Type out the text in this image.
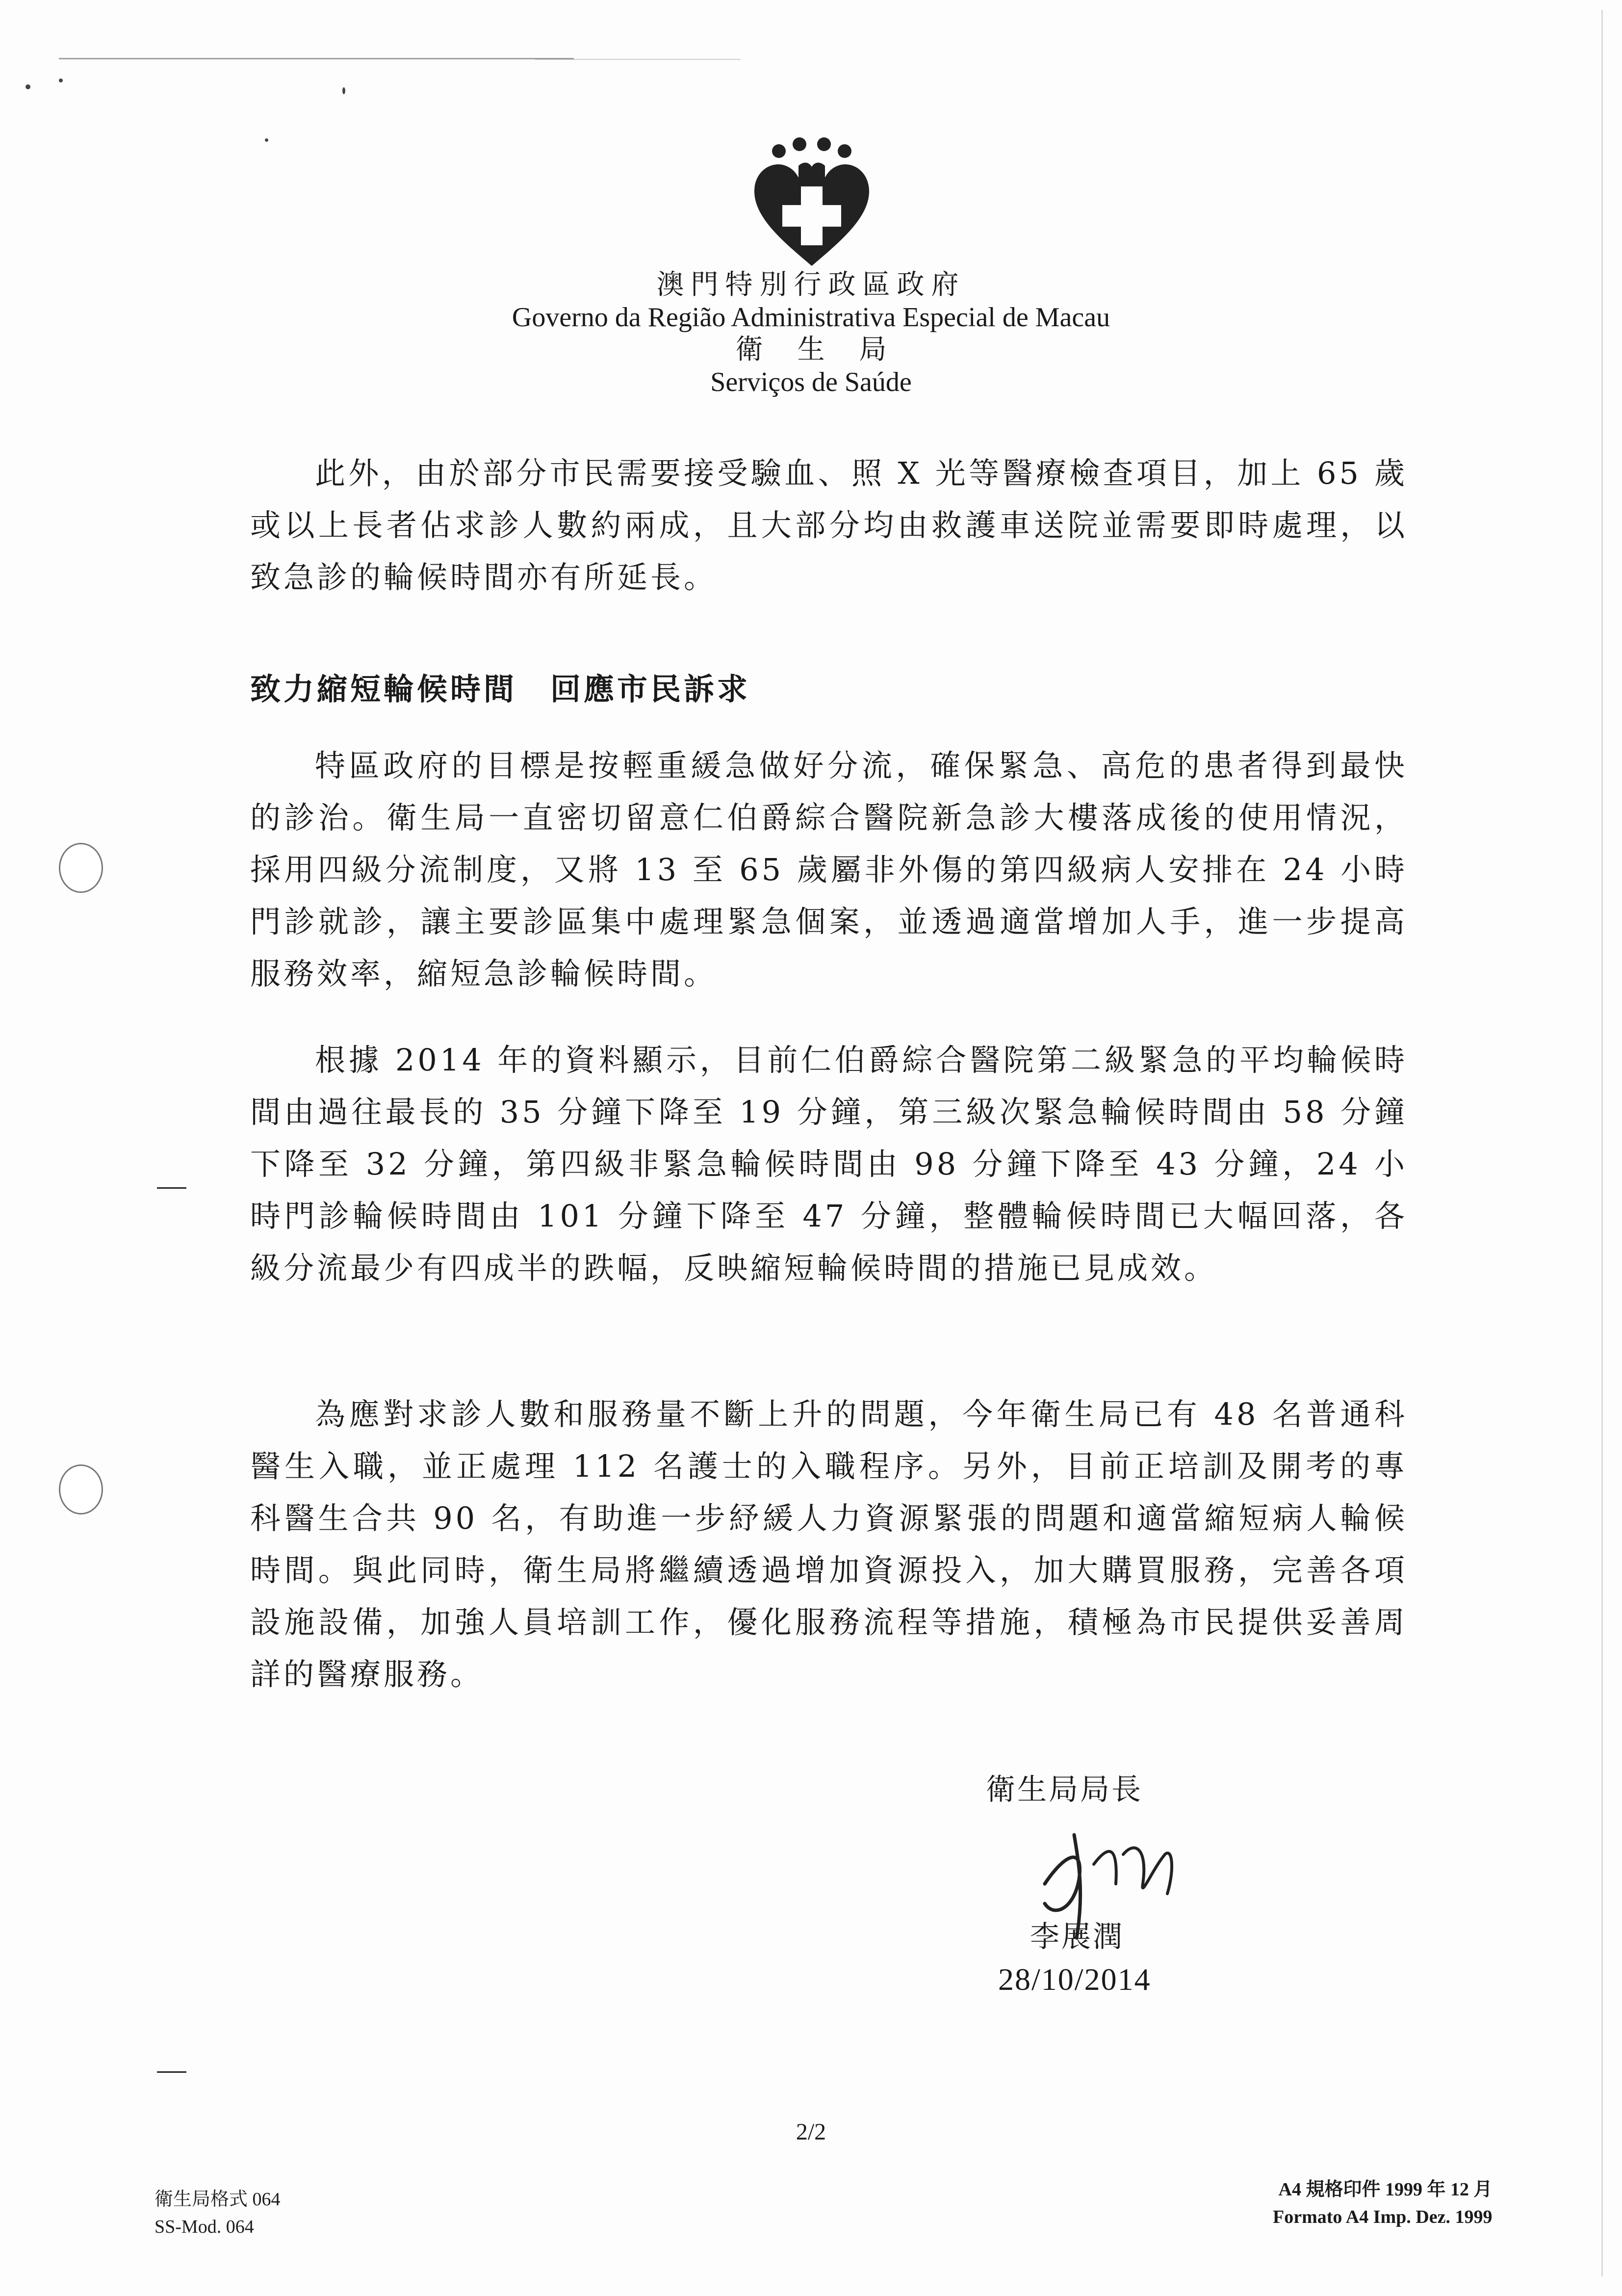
澳門特別行政區政府
Governo da Região Administrativa Especial de Macau
衛生局
Serviços de Saúde

此外，由於部分市民需要接受驗血、照 X 光等醫療檢查項目，加上 65 歲或以上長者佔求診人數約兩成，且大部分均由救護車送院並需要即時處理，以致急診的輪候時間亦有所延長。

致力縮短輪候時間　回應市民訴求

特區政府的目標是按輕重緩急做好分流，確保緊急、高危的患者得到最快的診治。衛生局一直密切留意仁伯爵綜合醫院新急診大樓落成後的使用情況，採用四級分流制度，又將 13 至 65 歲屬非外傷的第四級病人安排在 24 小時門診就診，讓主要診區集中處理緊急個案，並透過適當增加人手，進一步提高服務效率，縮短急診輪候時間。

根據 2014 年的資料顯示，目前仁伯爵綜合醫院第二級緊急的平均輪候時間由過往最長的 35 分鐘下降至 19 分鐘，第三級次緊急輪候時間由 58 分鐘下降至 32 分鐘，第四級非緊急輪候時間由 98 分鐘下降至 43 分鐘，24 小時門診輪候時間由 101 分鐘下降至 47 分鐘，整體輪候時間已大幅回落，各級分流最少有四成半的跌幅，反映縮短輪候時間的措施已見成效。

為應對求診人數和服務量不斷上升的問題，今年衛生局已有 48 名普通科醫生入職，並正處理 112 名護士的入職程序。另外，目前正培訓及開考的專科醫生合共 90 名，有助進一步紓緩人力資源緊張的問題和適當縮短病人輪候時間。與此同時，衛生局將繼續透過增加資源投入，加大購買服務，完善各項設施設備，加強人員培訓工作，優化服務流程等措施，積極為市民提供妥善周詳的醫療服務。

衛生局局長
李展潤
28/10/2014
2/2
衛生局格式 064
SS-Mod. 064
A4 規格印件 1999 年 12 月
Formato A4 Imp. Dez. 1999
